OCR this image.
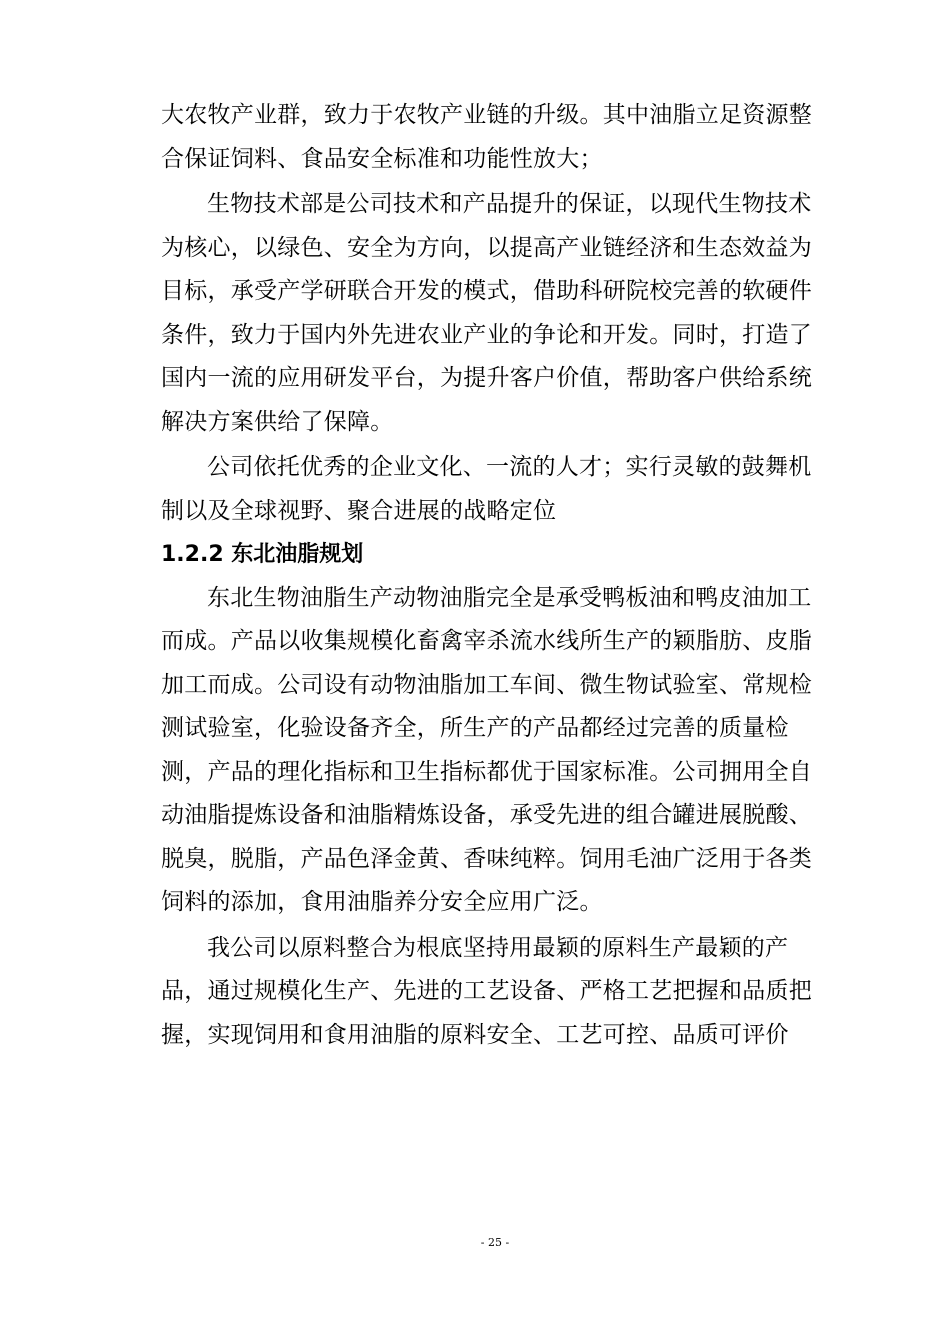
大农牧产业群，致力于农牧产业链的升级。其中油脂立足资源整
合保证饲料、食品安全标准和功能性放大；
生物技术部是公司技术和产品提升的保证，以现代生物技术
为核心，以绿色、安全为方向，以提高产业链经济和生态效益为
目标，承受产学研联合开发的模式，借助科研院校完善的软硬件
条件，致力于国内外先进农业产业的争论和开发。同时，打造了
国内一流的应用研发平台，为提升客户价值，帮助客户供给系统
解决方案供给了保障。
公司依托优秀的企业文化、一流的人才；实行灵敏的鼓舞机
制以及全球视野、聚合进展的战略定位
1.2.2 东北油脂规划
东北生物油脂生产动物油脂完全是承受鸭板油和鸭皮油加工
而成。产品以收集规模化畜禽宰杀流水线所生产的颖脂肪、皮脂
加工而成。公司设有动物油脂加工车间、微生物试验室、常规检
测试验室，化验设备齐全，所生产的产品都经过完善的质量检
测，产品的理化指标和卫生指标都优于国家标准。公司拥用全自
动油脂提炼设备和油脂精炼设备，承受先进的组合罐进展脱酸、
脱臭，脱脂，产品色泽金黄、香味纯粹。饲用毛油广泛用于各类
饲料的添加，食用油脂养分安全应用广泛。
我公司以原料整合为根底坚持用最颖的原料生产最颖的产
品，通过规模化生产、先进的工艺设备、严格工艺把握和品质把
握，实现饲用和食用油脂的原料安全、工艺可控、品质可评价
- 25 -
